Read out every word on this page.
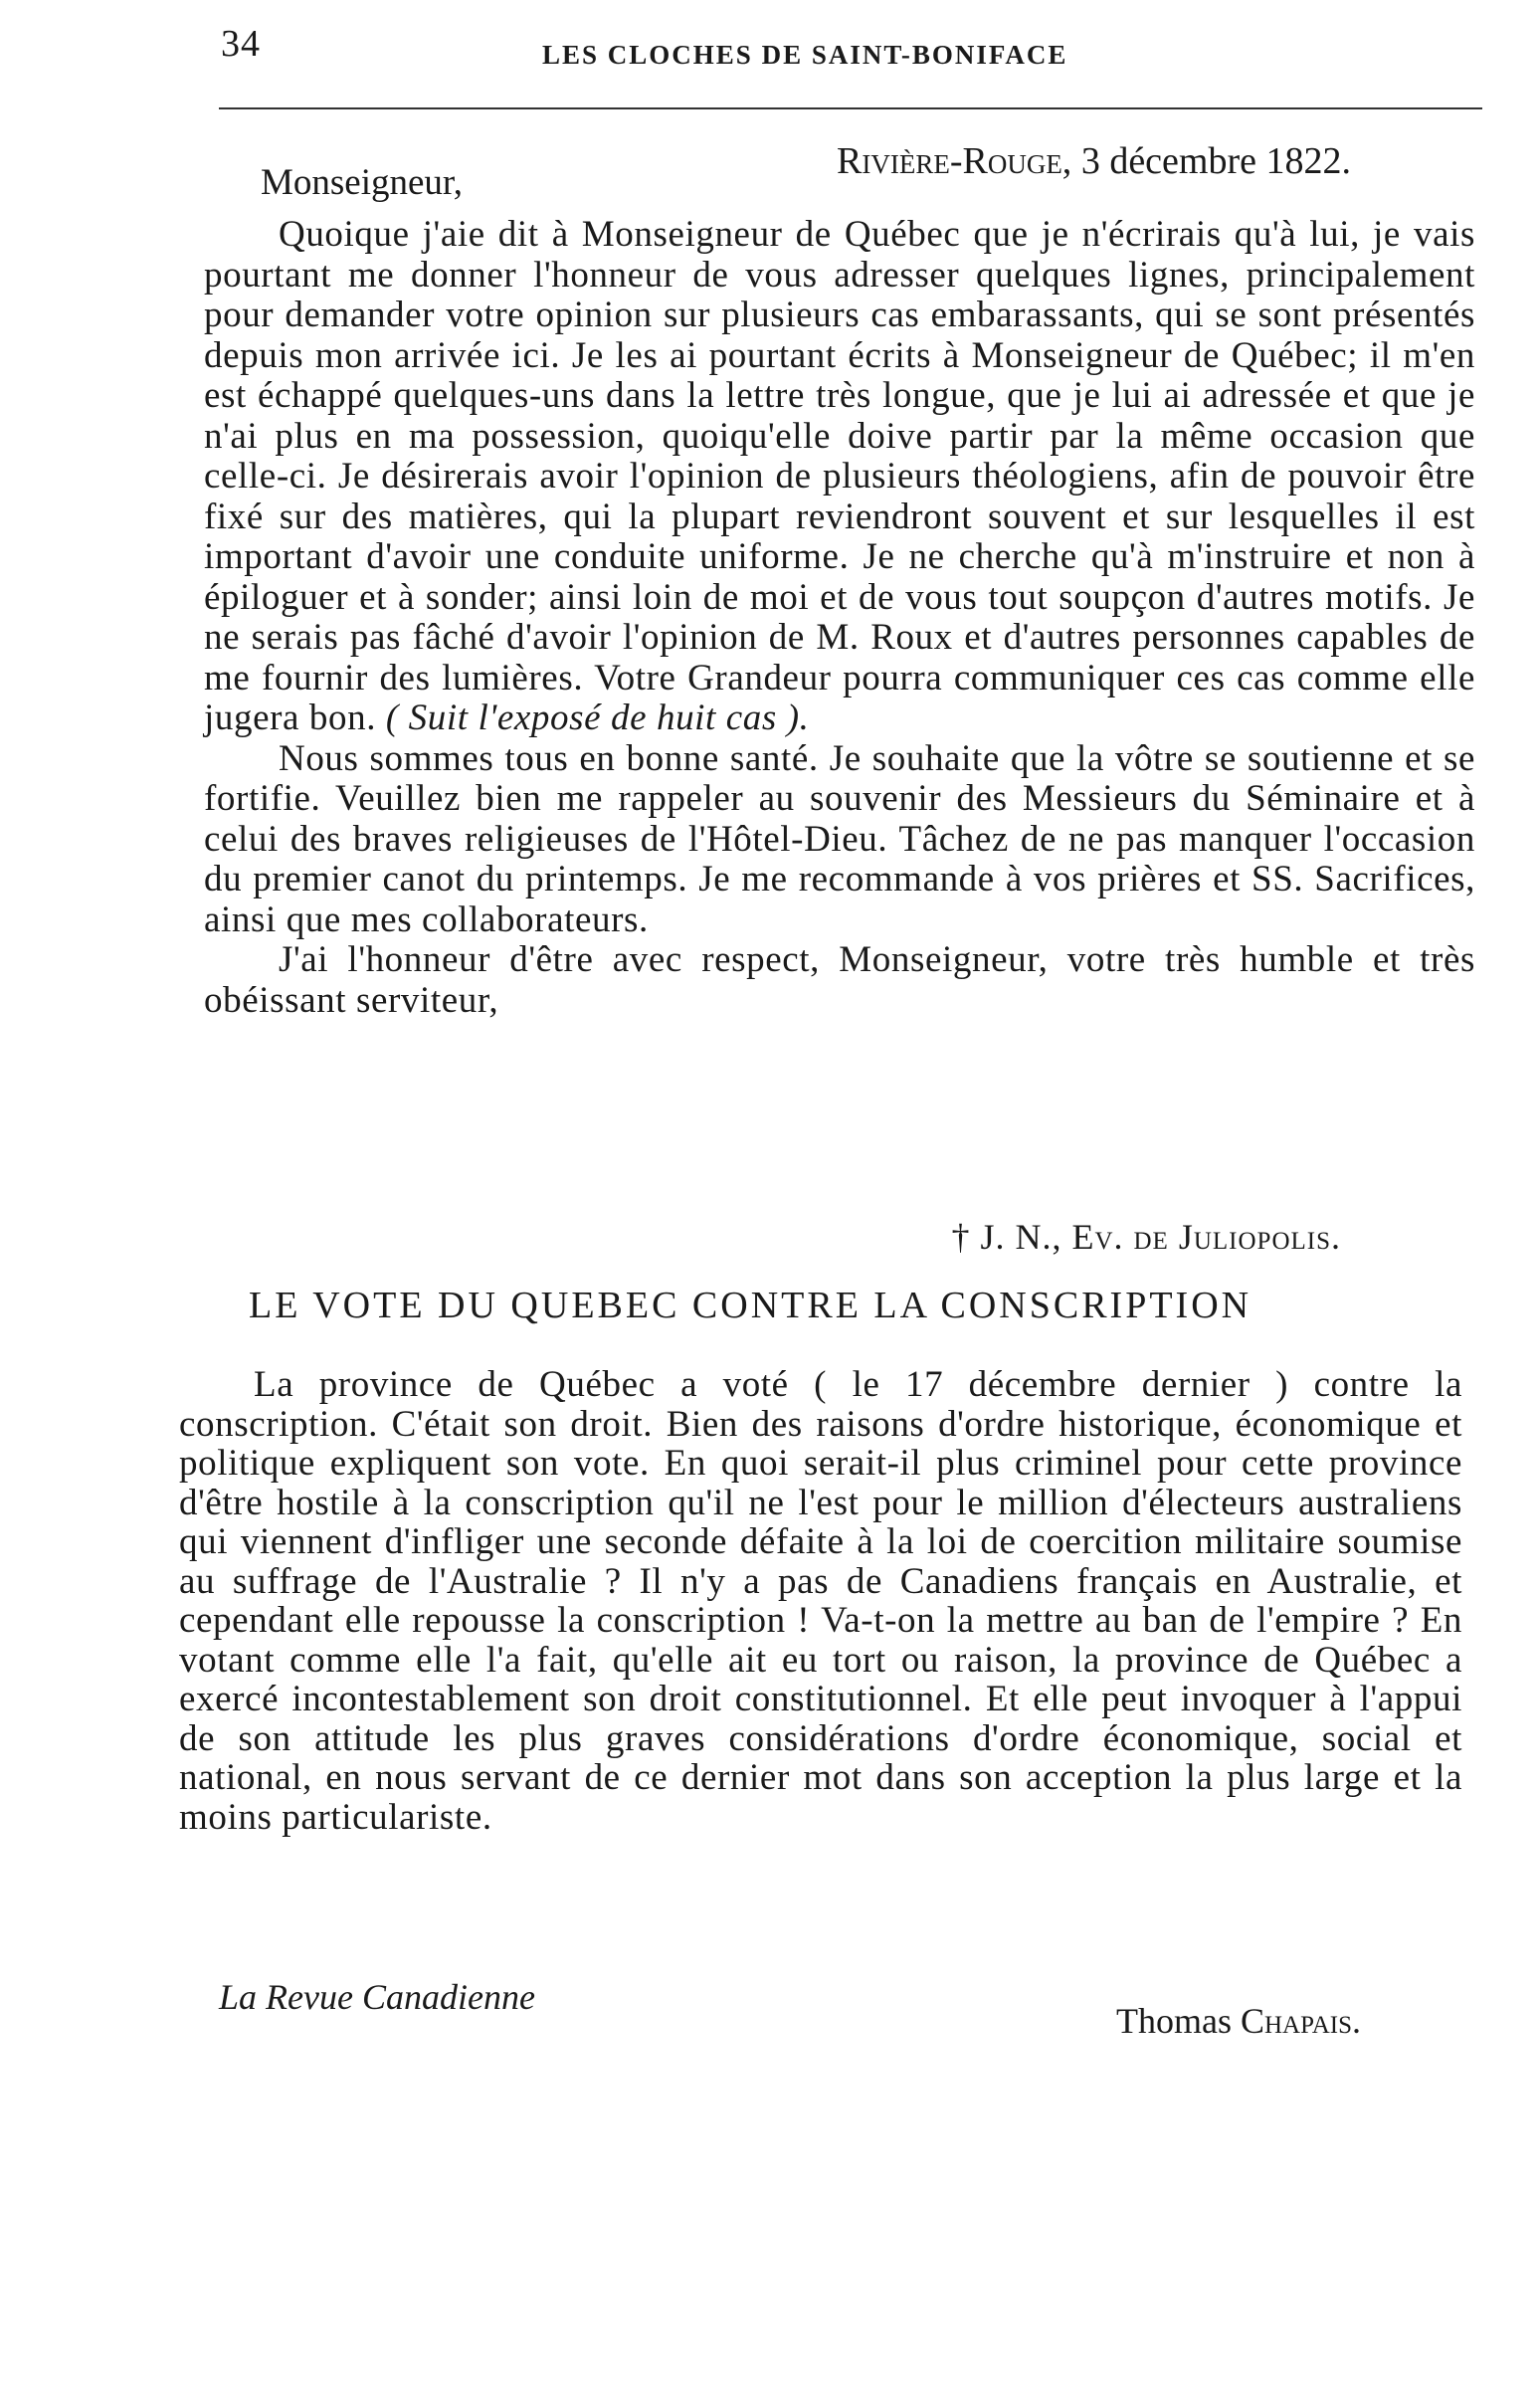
34	LES CLOCHES DE SAINT-BONIFACE
Rivière-Rouge, 3 décembre 1822.
Monseigneur,

Quoique j'aie dit à Monseigneur de Québec que je n'écrirais qu'à lui, je vais pourtant me donner l'honneur de vous adresser quelques lignes, principalement pour demander votre opinion sur plusieurs cas embarassants, qui se sont présentés depuis mon arrivée ici. Je les ai pourtant écrits à Monseigneur de Québec; il m'en est échappé quelques-uns dans la lettre très longue, que je lui ai adressée et que je n'ai plus en ma possession, quoiqu'elle doive partir par la même occasion que celle-ci. Je désirerais avoir l'opinion de plusieurs théologiens, afin de pouvoir être fixé sur des matières, qui la plupart reviendront souvent et sur lesquelles il est important d'avoir une conduite uniforme. Je ne cherche qu'à m'instruire et non à épiloguer et à sonder; ainsi loin de moi et de vous tout soupçon d'autres motifs. Je ne serais pas fâché d'avoir l'opinion de M. Roux et d'autres personnes capables de me fournir des lumières. Votre Grandeur pourra communiquer ces cas comme elle jugera bon. ( Suit l'exposé de huit cas ).

Nous sommes tous en bonne santé. Je souhaite que la vôtre se soutienne et se fortifie. Veuillez bien me rappeler au souvenir des Messieurs du Séminaire et à celui des braves religieuses de l'Hôtel-Dieu. Tâchez de ne pas manquer l'occasion du premier canot du printemps. Je me recommande à vos prières et SS. Sacrifices, ainsi que mes collaborateurs.

J'ai l'honneur d'être avec respect, Monseigneur, votre très humble et très obéissant serviteur,

† J. N., Ev. de Juliopolis.
LE VOTE DU QUEBEC CONTRE LA CONSCRIPTION

La province de Québec a voté ( le 17 décembre dernier ) contre la conscription. C'était son droit. Bien des raisons d'ordre historique, économique et politique expliquent son vote. En quoi serait-il plus criminel pour cette province d'être hostile à la conscription qu'il ne l'est pour le million d'électeurs australiens qui viennent d'infliger une seconde défaite à la loi de coercition militaire soumise au suffrage de l'Australie ? Il n'y a pas de Canadiens français en Australie, et cependant elle repousse la conscription ! Va-t-on la mettre au ban de l'empire ? En votant comme elle l'a fait, qu'elle ait eu tort ou raison, la province de Québec a exercé incontestablement son droit constitutionnel. Et elle peut invoquer à l'appui de son attitude les plus graves considérations d'ordre économique, social et national, en nous servant de ce dernier mot dans son acception la plus large et la moins particulariste.

La Revue Canadienne
Thomas Chapais.
